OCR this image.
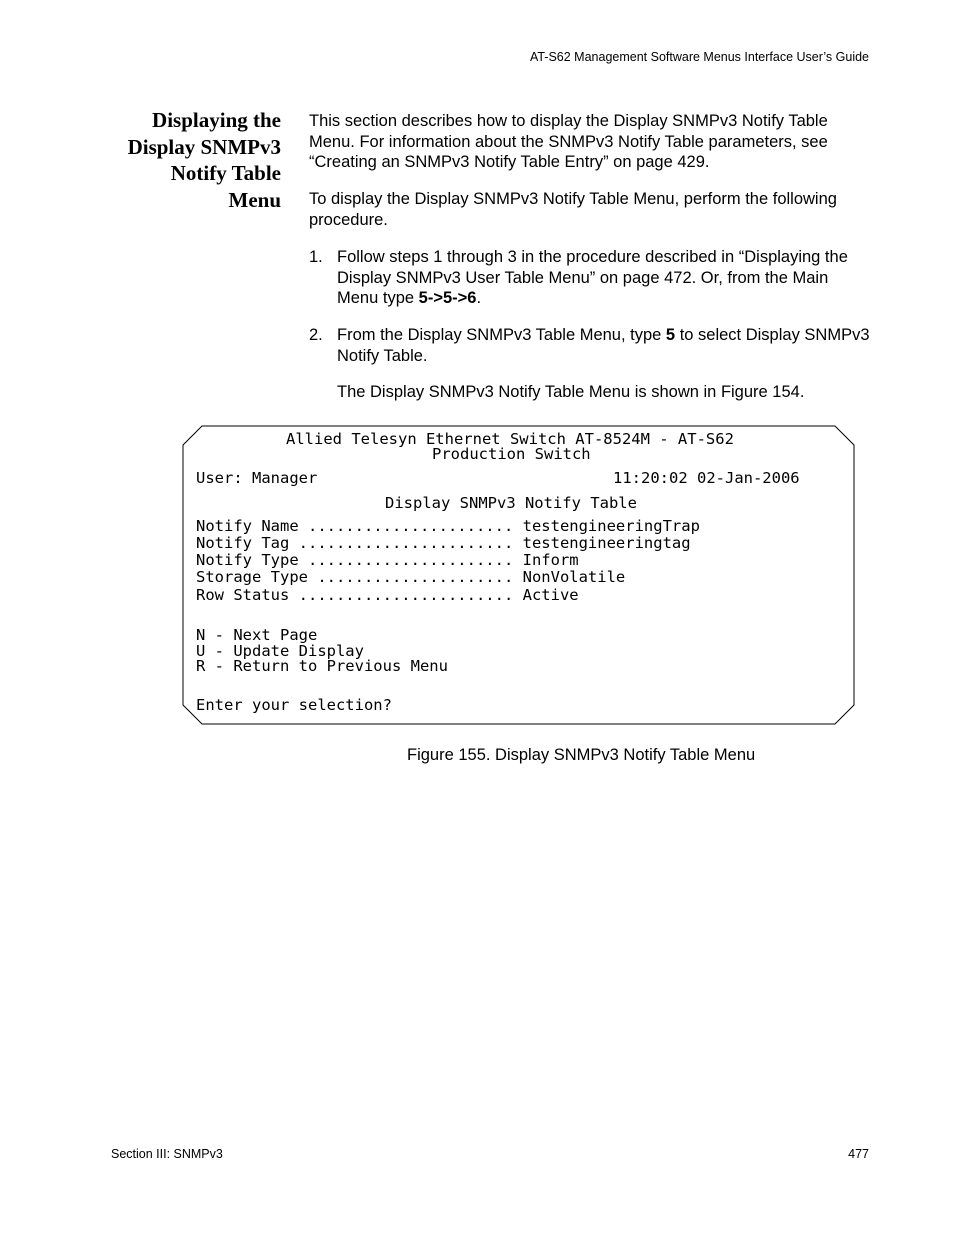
AT-S62 Management Software Menus Interface User’s Guide
Displaying the
Display SNMPv3
Notify Table
Menu

This section describes how to display the Display SNMPv3 Notify Table Menu. For information about the SNMPv3 Notify Table parameters, see “Creating an SNMPv3 Notify Table Entry” on page 429.

To display the Display SNMPv3 Notify Table Menu, perform the following procedure.

1. Follow steps 1 through 3 in the procedure described in “Displaying the Display SNMPv3 User Table Menu” on page 472. Or, from the Main Menu type 5->5->6.
2. From the Display SNMPv3 Table Menu, type 5 to select Display SNMPv3 Notify Table.
The Display SNMPv3 Notify Table Menu is shown in Figure 154.
Allied Telesyn Ethernet Switch AT-8524M - AT-S62
Production Switch
User: Manager	11:20:02 02-Jan-2006
Display SNMPv3 Notify Table
Notify Name ...................... testengineeringTrap
Notify Tag ....................... testengineeringtag
Notify Type ...................... Inform
Storage Type ..................... NonVolatile
Row Status ....................... Active
N - Next Page
U - Update Display
R - Return to Previous Menu
Enter your selection?
Figure 155. Display SNMPv3 Notify Table Menu
Section III: SNMPv3	477
